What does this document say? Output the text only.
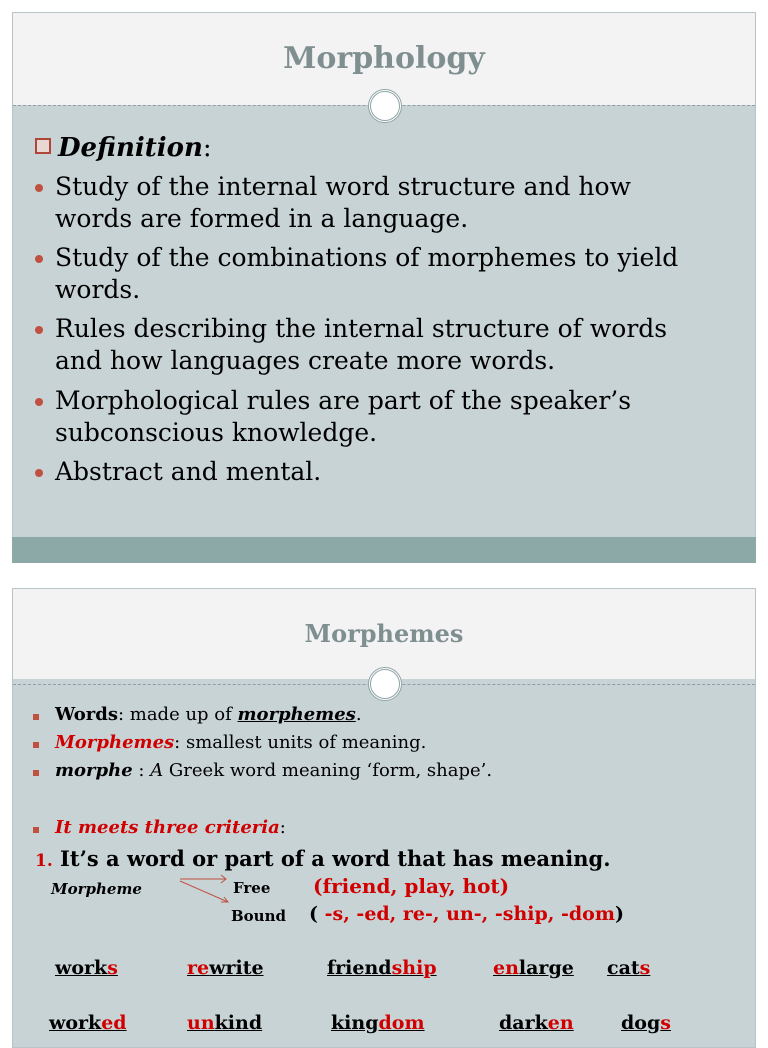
Morphology
Definition:
Study of the internal word structure and how
words are formed in a language.
Study of the combinations of morphemes to yield
words.
Rules describing the internal structure of words
and how languages create more words.
Morphological rules are part of the speaker’s
subconscious knowledge.
Abstract and mental.
Morphemes
Words: made up of morphemes.
Morphemes: smallest units of meaning.
morphe : A Greek word meaning ‘form, shape’.
It meets three criteria:
1. It’s a word or part of a word that has meaning.
Morpheme	Free (friend, play, hot)
Bound ( -s, -ed, re-, un-, -ship, -dom)
works	rewrite	friendship	enlarge cats
worked	unkind	kingdom	darken dogs
